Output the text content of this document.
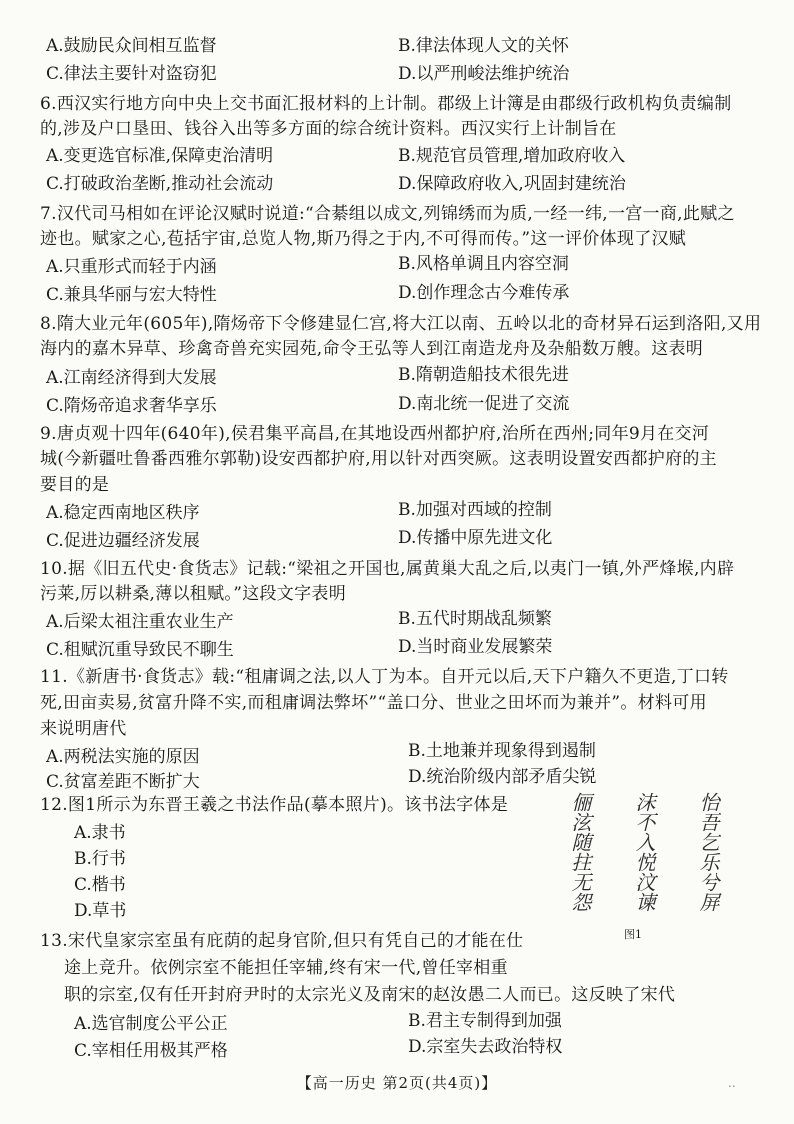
A.鼓励民众间相互监督	B.律法体现人文的关怀
C.律法主要针对盗窃犯	D.以严刑峻法维护统治
6.西汉实行地方向中央上交书面汇报材料的上计制。郡级上计簿是由郡级行政机构负责编制
的,涉及户口垦田、钱谷入出等多方面的综合统计资料。西汉实行上计制旨在
A.变更选官标准,保障吏治清明	B.规范官员管理,增加政府收入
C.打破政治垄断,推动社会流动	D.保障政府收入,巩固封建统治
7.汉代司马相如在评论汉赋时说道:“合綦组以成文,列锦绣而为质,一经一纬,一宫一商,此赋之
迹也。赋家之心,苞括宇宙,总览人物,斯乃得之于内,不可得而传。”这一评价体现了汉赋
A.只重形式而轻于内涵	B.风格单调且内容空洞
C.兼具华丽与宏大特性	D.创作理念古今难传承
8.隋大业元年(605年),隋炀帝下令修建显仁宫,将大江以南、五岭以北的奇材异石运到洛阳,又用
海内的嘉木异草、珍禽奇兽充实园苑,命令王弘等人到江南造龙舟及杂船数万艘。这表明
A.江南经济得到大发展	B.隋朝造船技术很先进
C.隋炀帝追求奢华享乐	D.南北统一促进了交流
9.唐贞观十四年(640年),侯君集平高昌,在其地设西州都护府,治所在西州;同年9月在交河
城(今新疆吐鲁番西雅尔郭勒)设安西都护府,用以针对西突厥。这表明设置安西都护府的主
要目的是
A.稳定西南地区秩序	B.加强对西域的控制
C.促进边疆经济发展	D.传播中原先进文化
10.据《旧五代史·食货志》记载:“梁祖之开国也,属黄巢大乱之后,以夷门一镇,外严烽堠,内辟
污莱,厉以耕桑,薄以租赋。”这段文字表明
A.后梁太祖注重农业生产	B.五代时期战乱频繁
C.租赋沉重导致民不聊生	D.当时商业发展繁荣
11.《新唐书·食货志》载:“租庸调之法,以人丁为本。自开元以后,天下户籍久不更造,丁口转
死,田亩卖易,贫富升降不实,而租庸调法弊坏”“盖口分、世业之田坏而为兼并”。材料可用
来说明唐代
A.两税法实施的原因	B.土地兼并现象得到遏制
C.贫富差距不断扩大	D.统治阶级内部矛盾尖锐
12.图1所示为东晋王羲之书法作品(摹本照片)。该书法字体是
A.隶书
B.行书
C.楷书
D.草书	怡吾乞乐兮屏
沫不入悦汶谏
俪泫随拄无怨
图1
13.宋代皇家宗室虽有庇荫的起身官阶,但只有凭自己的才能在仕
途上竞升。依例宗室不能担任宰辅,终有宋一代,曾任宰相重
职的宗室,仅有任开封府尹时的太宗光义及南宋的赵汝愚二人而已。这反映了宋代
A.选官制度公平公正	B.君主专制得到加强
C.宰相任用极其严格	D.宗室失去政治特权
【高一历史 第2页(共4页)】	..
